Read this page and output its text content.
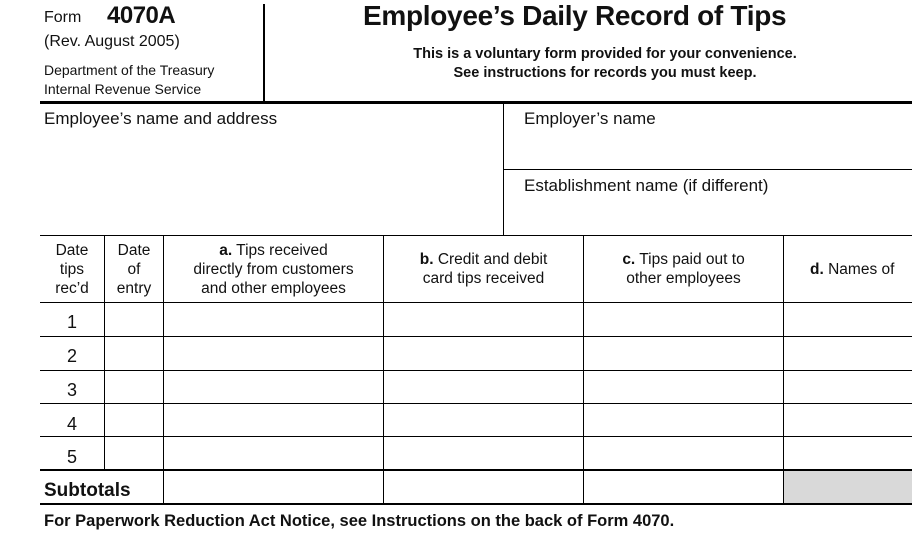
Form 4070A
(Rev. August 2005)
Department of the Treasury
Internal Revenue Service
Employee’s Daily Record of Tips
This is a voluntary form provided for your convenience.
See instructions for records you must keep.
Employee’s name and address	Employer’s name
Establishment name (if different)
Date
tips
rec’d
Date
of
entry
a. Tips received
directly from customers
and other employees
b. Credit and debit
card tips received
c. Tips paid out to
other employees
d. Names of
1
2
3
4
5
Subtotals
For Paperwork Reduction Act Notice, see Instructions on the back of Form 4070.
